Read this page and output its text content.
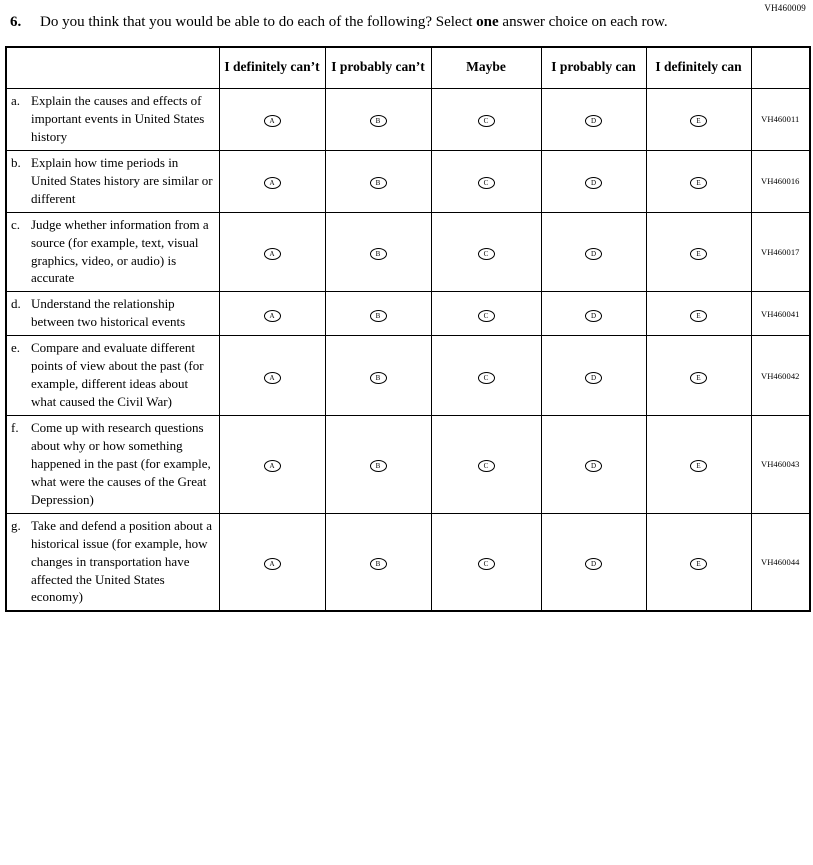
VH460009
6.	Do you think that you would be able to do each of the following? Select one answer choice on each row.
	I definitely can’t	I probably can’t	Maybe	I probably can	I definitely can	

a. Explain the causes and effects of important events in United States history	A	B	C	D	E	VH460011

b. Explain how time periods in United States history are similar or different	A	B	C	D	E	VH460016

c. Judge whether information from a source (for example, text, visual graphics, video, or audio) is accurate	A	B	C	D	E	VH460017

d. Understand the relationship between two historical events	A	B	C	D	E	VH460041

e. Compare and evaluate different points of view about the past (for example, different ideas about what caused the Civil War)	A	B	C	D	E	VH460042

f. Come up with research questions about why or how something happened in the past (for example, what were the causes of the Great Depression)	A	B	C	D	E	VH460043

g. Take and defend a position about a historical issue (for example, how changes in transportation have affected the United States economy)	A	B	C	D	E	VH460044
